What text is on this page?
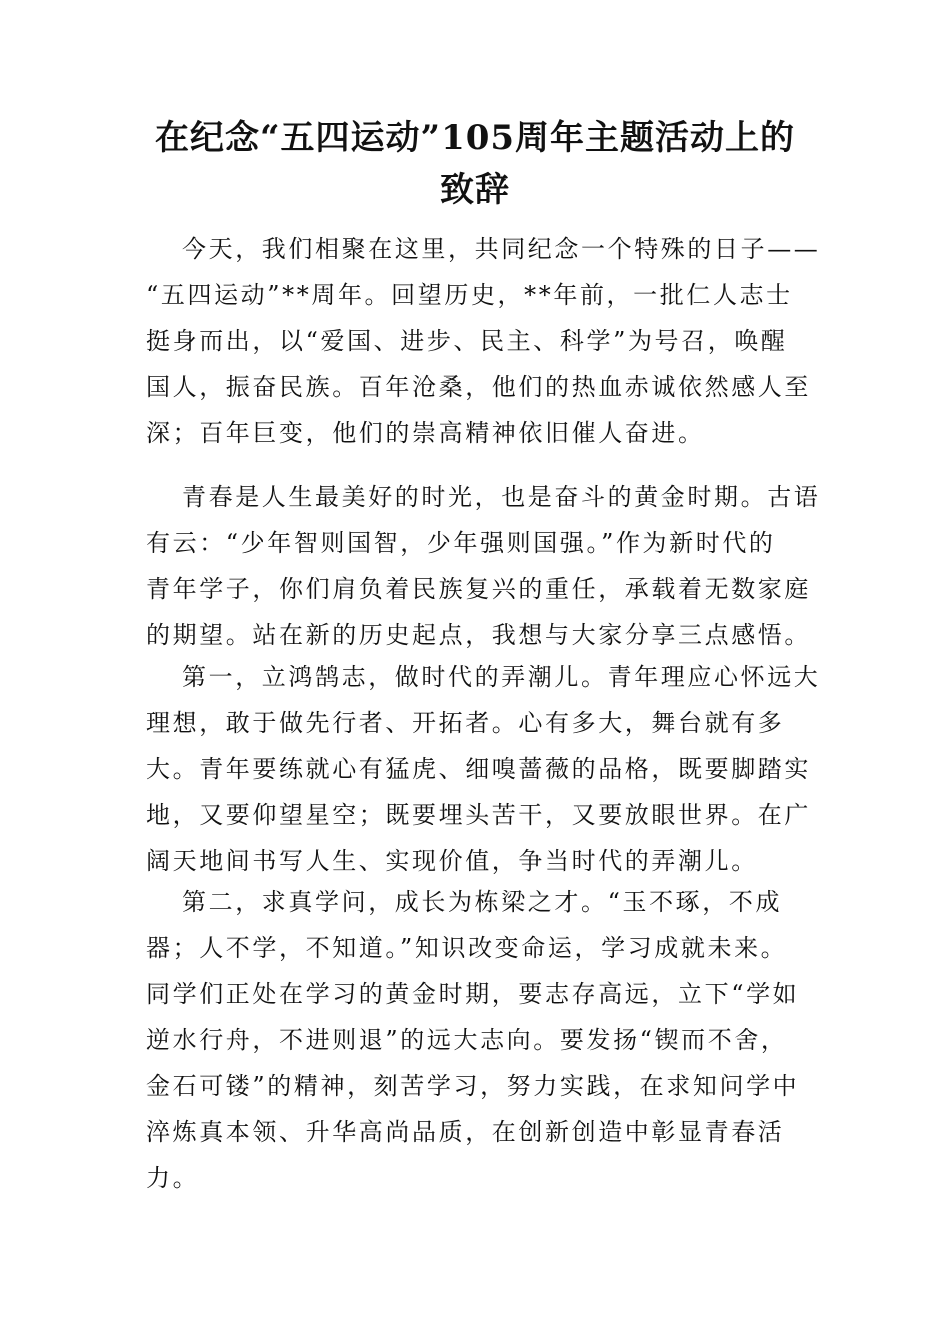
在纪念“五四运动”105周年主题活动上的
致辞
今天，我们相聚在这里，共同纪念一个特殊的日子——
“五四运动”**周年。回望历史，**年前，一批仁人志士
挺身而出，以“爱国、进步、民主、科学”为号召，唤醒
国人，振奋民族。百年沧桑，他们的热血赤诚依然感人至
深；百年巨变，他们的崇高精神依旧催人奋进。
青春是人生最美好的时光，也是奋斗的黄金时期。古语
有云：“少年智则国智，少年强则国强。”作为新时代的
青年学子，你们肩负着民族复兴的重任，承载着无数家庭
的期望。站在新的历史起点，我想与大家分享三点感悟。
第一，立鸿鹄志，做时代的弄潮儿。青年理应心怀远大
理想，敢于做先行者、开拓者。心有多大，舞台就有多
大。青年要练就心有猛虎、细嗅蔷薇的品格，既要脚踏实
地，又要仰望星空；既要埋头苦干，又要放眼世界。在广
阔天地间书写人生、实现价值，争当时代的弄潮儿。
第二，求真学问，成长为栋梁之才。“玉不琢，不成
器；人不学，不知道。”知识改变命运，学习成就未来。
同学们正处在学习的黄金时期，要志存高远，立下“学如
逆水行舟，不进则退”的远大志向。要发扬“锲而不舍，
金石可镂”的精神，刻苦学习，努力实践，在求知问学中
淬炼真本领、升华高尚品质，在创新创造中彰显青春活
力。
